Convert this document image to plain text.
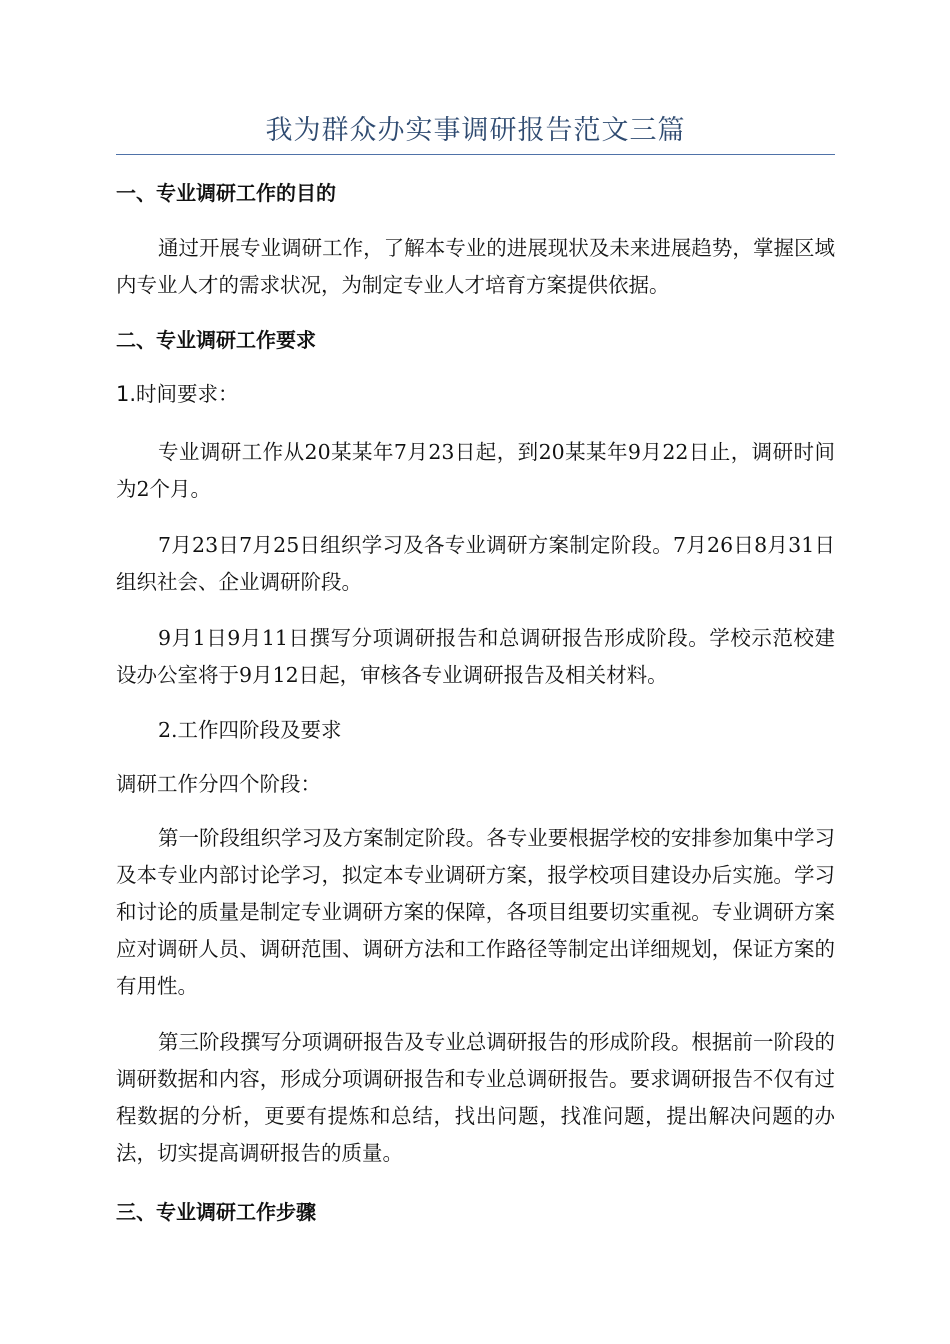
我为群众办实事调研报告范文三篇

一、专业调研工作的目的

通过开展专业调研工作，了解本专业的进展现状及未来进展趋势，掌握区域内专业人才的需求状况，为制定专业人才培育方案提供依据。

二、专业调研工作要求

1.时间要求：

专业调研工作从20某某年7月23日起，到20某某年9月22日止，调研时间为2个月。

7月23日7月25日组织学习及各专业调研方案制定阶段。7月26日8月31日组织社会、企业调研阶段。

9月1日9月11日撰写分项调研报告和总调研报告形成阶段。学校示范校建设办公室将于9月12日起，审核各专业调研报告及相关材料。

2.工作四阶段及要求

调研工作分四个阶段：

第一阶段组织学习及方案制定阶段。各专业要根据学校的安排参加集中学习及本专业内部讨论学习，拟定本专业调研方案，报学校项目建设办后实施。学习和讨论的质量是制定专业调研方案的保障，各项目组要切实重视。专业调研方案应对调研人员、调研范围、调研方法和工作路径等制定出详细规划，保证方案的有用性。

第三阶段撰写分项调研报告及专业总调研报告的形成阶段。根据前一阶段的调研数据和内容，形成分项调研报告和专业总调研报告。要求调研报告不仅有过程数据的分析，更要有提炼和总结，找出问题，找准问题，提出解决问题的办法，切实提高调研报告的质量。

三、专业调研工作步骤
